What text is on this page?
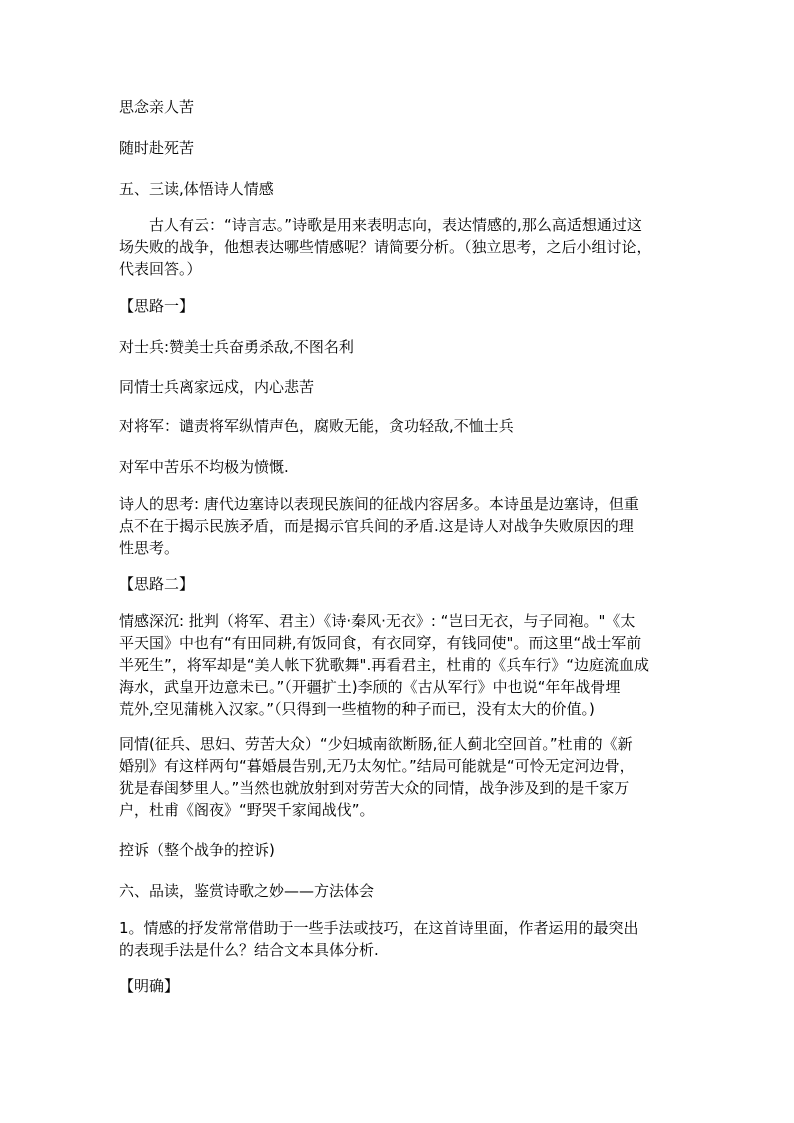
思念亲人苦

随时赴死苦

五、三读,体悟诗人情感

　　古人有云：“诗言志。”诗歌是用来表明志向，表达情感的,那么高适想通过这
场失败的战争，他想表达哪些情感呢？请简要分析。（独立思考，之后小组讨论，
代表回答。）

【思路一】

对士兵:赞美士兵奋勇杀敌,不图名利

同情士兵离家远戍，内心悲苦

对将军：谴责将军纵情声色，腐败无能，贪功轻敌,不恤士兵

对军中苦乐不均极为愤慨.

诗人的思考: 唐代边塞诗以表现民族间的征战内容居多。本诗虽是边塞诗，但重
点不在于揭示民族矛盾，而是揭示官兵间的矛盾.这是诗人对战争失败原因的理
性思考。

【思路二】

情感深沉: 批判（将军、君主）《诗·秦风·无衣》: “岂曰无衣，与子同袍。"《太
平天国》中也有“有田同耕,有饭同食，有衣同穿，有钱同使"。而这里“战士军前
半死生”，将军却是“美人帐下犹歌舞".再看君主，杜甫的《兵车行》“边庭流血成
海水，武皇开边意未已。”（开疆扩土)李颀的《古从军行》中也说“年年战骨埋
荒外,空见蒲桃入汉家。”（只得到一些植物的种子而已，没有太大的价值。)
同情(征兵、思妇、劳苦大众）“少妇城南欲断肠,征人蓟北空回首。”杜甫的《新
婚别》有这样两句“暮婚晨告别,无乃太匆忙。”结局可能就是“可怜无定河边骨，
犹是春闺梦里人。”当然也就放射到对劳苦大众的同情，战争涉及到的是千家万
户，杜甫《阁夜》“野哭千家闻战伐”。

控诉（整个战争的控诉)

六、品读，鉴赏诗歌之妙——方法体会

1。情感的抒发常常借助于一些手法或技巧，在这首诗里面，作者运用的最突出
的表现手法是什么？结合文本具体分析.

【明确】
